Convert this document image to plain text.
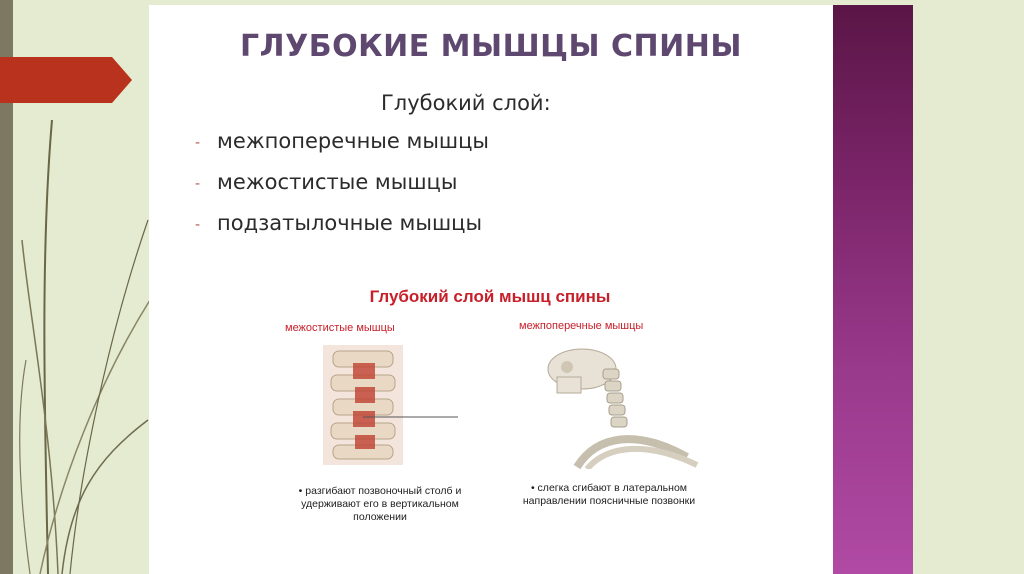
ГЛУБОКИЕ МЫШЦЫ СПИНЫ
Глубокий слой:
- межпоперечные мышцы
- межостистые мышцы
- подзатылочные мышцы
Глубокий слой мышц спины
межостистые мышцы	межпоперечные мышцы
• разгибают позвоночный столб и удерживают его в вертикальном положении
• слегка сгибают в латеральном направлении поясничные позвонки
